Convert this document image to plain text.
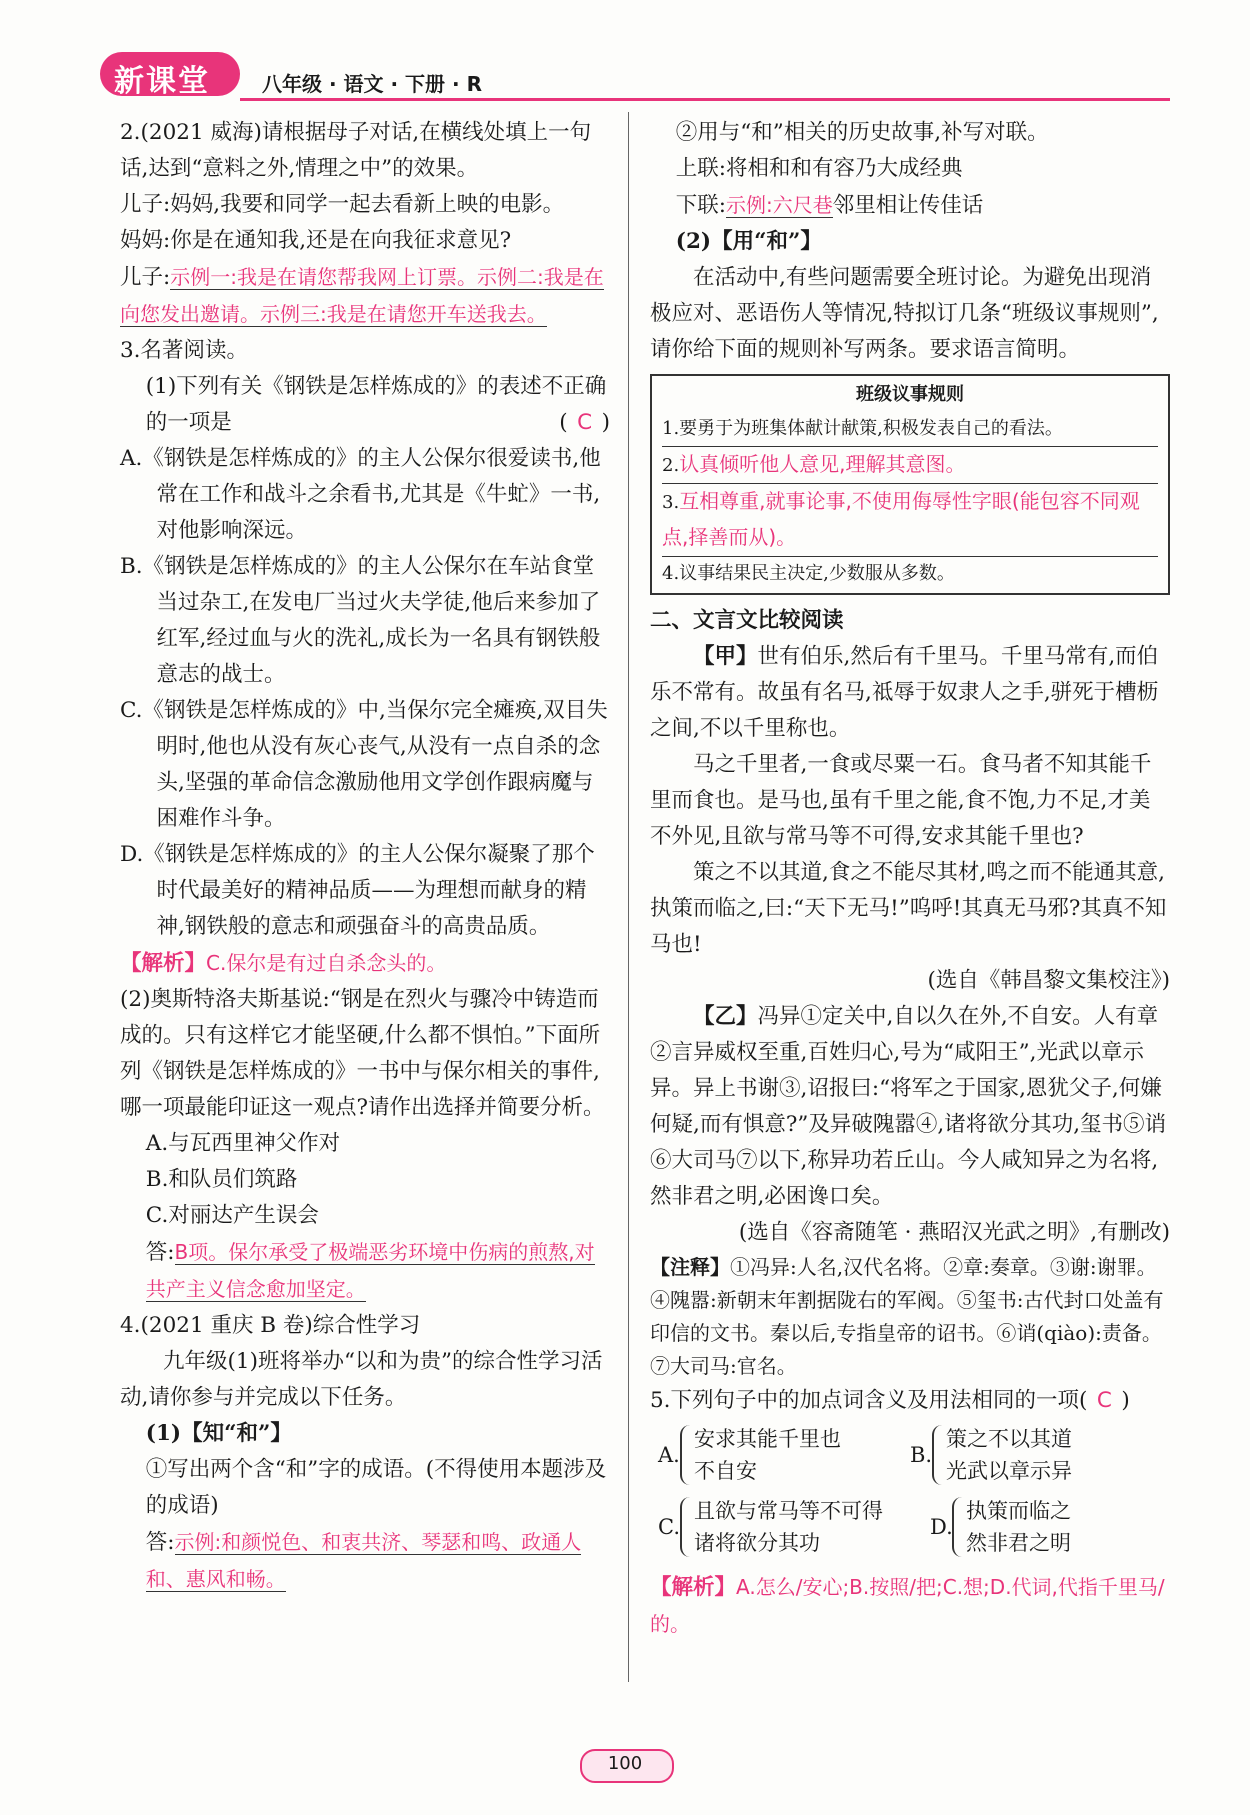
新课堂	八年级 · 语文 · 下册 · R

2.(2021 威海)请根据母子对话,在横线处填上一句话,达到“意料之外,情理之中”的效果。

儿子:妈妈,我要和同学一起去看新上映的电影。

妈妈:你是在通知我,还是在向我征求意见?

儿子:示例一:我是在请您帮我网上订票。示例二:我是在向您发出邀请。示例三:我是在请您开车送我去。

3.名著阅读。

(1)下列有关《钢铁是怎样炼成的》的表述不正确的一项是	( C )

A.《钢铁是怎样炼成的》的主人公保尔很爱读书,他常在工作和战斗之余看书,尤其是《牛虻》一书,对他影响深远。

B.《钢铁是怎样炼成的》的主人公保尔在车站食堂当过杂工,在发电厂当过火夫学徒,他后来参加了红军,经过血与火的洗礼,成长为一名具有钢铁般意志的战士。

C.《钢铁是怎样炼成的》中,当保尔完全瘫痪,双目失明时,他也从没有灰心丧气,从没有一点自杀的念头,坚强的革命信念激励他用文学创作跟病魔与困难作斗争。

D.《钢铁是怎样炼成的》的主人公保尔凝聚了那个时代最美好的精神品质——为理想而献身的精神,钢铁般的意志和顽强奋斗的高贵品质。

【解析】C.保尔是有过自杀念头的。

(2)奥斯特洛夫斯基说:“钢是在烈火与骤冷中铸造而成的。只有这样它才能坚硬,什么都不惧怕。”下面所列《钢铁是怎样炼成的》一书中与保尔相关的事件,哪一项最能印证这一观点?请作出选择并简要分析。

A.与瓦西里神父作对

B.和队员们筑路

C.对丽达产生误会

答:B项。保尔承受了极端恶劣环境中伤病的煎熬,对共产主义信念愈加坚定。

4.(2021 重庆 B 卷)综合性学习

九年级(1)班将举办“以和为贵”的综合性学习活动,请你参与并完成以下任务。

(1)【知“和”】

①写出两个含“和”字的成语。(不得使用本题涉及的成语)

答:示例:和颜悦色、和衷共济、琴瑟和鸣、政通人和、惠风和畅。

②用与“和”相关的历史故事,补写对联。

上联:将相和和有容乃大成经典

下联:示例:六尺巷邻里相让传佳话

(2)【用“和”】

在活动中,有些问题需要全班讨论。为避免出现消极应对、恶语伤人等情况,特拟订几条“班级议事规则”,请你给下面的规则补写两条。要求语言简明。

班级议事规则
1.要勇于为班集体献计献策,积极发表自己的看法。
2.认真倾听他人意见,理解其意图。
3.互相尊重,就事论事,不使用侮辱性字眼(能包容不同观点,择善而从)。
4.议事结果民主决定,少数服从多数。

二、文言文比较阅读

【甲】世有伯乐,然后有千里马。千里马常有,而伯乐不常有。故虽有名马,祗辱于奴隶人之手,骈死于槽枥之间,不以千里称也。

马之千里者,一食或尽粟一石。食马者不知其能千里而食也。是马也,虽有千里之能,食不饱,力不足,才美不外见,且欲与常马等不可得,安求其能千里也?

策之不以其道,食之不能尽其材,鸣之而不能通其意,执策而临之,曰:“天下无马!”呜呼!其真无马邪?其真不知马也!

(选自《韩昌黎文集校注》)

【乙】冯异①定关中,自以久在外,不自安。人有章②言异威权至重,百姓归心,号为“咸阳王”,光武以章示异。异上书谢③,诏报曰:“将军之于国家,恩犹父子,何嫌何疑,而有惧意?”及异破隗嚣④,诸将欲分其功,玺书⑤诮⑥大司马⑦以下,称异功若丘山。今人咸知异之为名将,然非君之明,必困谗口矣。

(选自《容斋随笔 · 燕昭汉光武之明》,有删改)

【注释】①冯异:人名,汉代名将。②章:奏章。③谢:谢罪。④隗嚣:新朝末年割据陇右的军阀。⑤玺书:古代封口处盖有印信的文书。秦以后,专指皇帝的诏书。⑥诮(qiào):责备。⑦大司马:官名。

5.下列句子中的加点词含义及用法相同的一项( C )

A.
安求其能千里也
不自安
B.
策之不以其道
光武以章示异
C.
且欲与常马等不可得
诸将欲分其功
D.
执策而临之
然非君之明

【解析】A.怎么/安心;B.按照/把;C.想;D.代词,代指千里马/的。

100
